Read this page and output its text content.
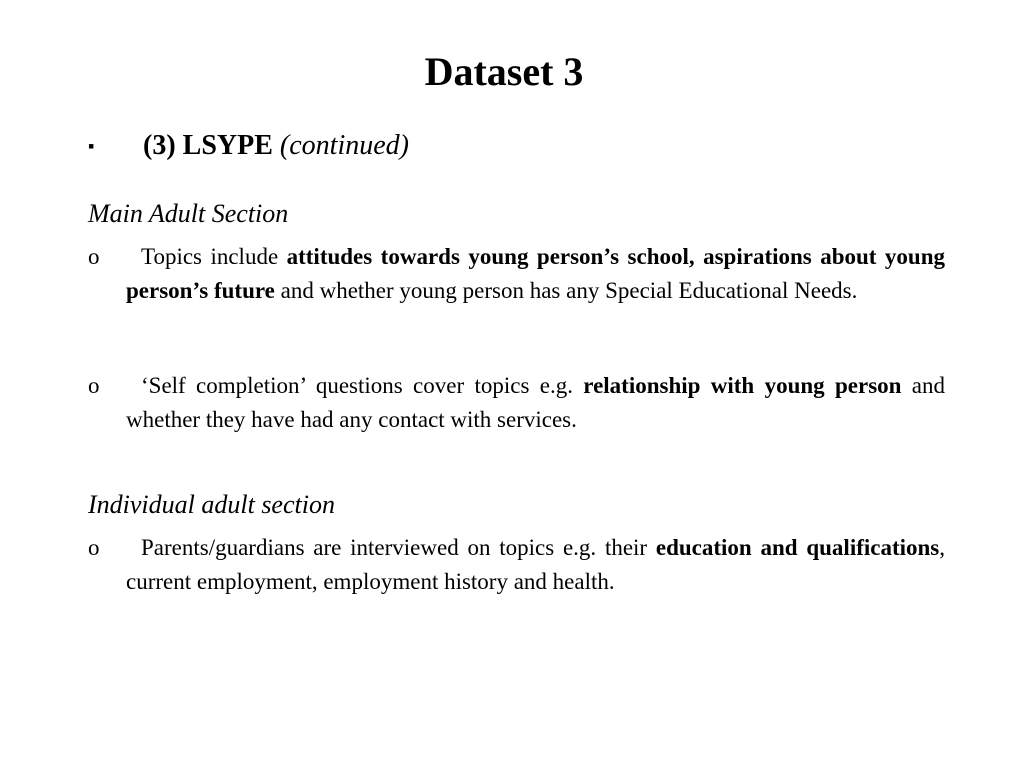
Dataset 3
▪ (3) LSYPE (continued)
Main Adult Section
o	Topics include attitudes towards young person’s school, aspirations about young person’s future and whether young person has any Special Educational Needs.
o	‘Self completion’ questions cover topics e.g. relationship with young person and whether they have had any contact with services.
Individual adult section
o	Parents/guardians are interviewed on topics e.g. their education and qualifications, current employment, employment history and health.
